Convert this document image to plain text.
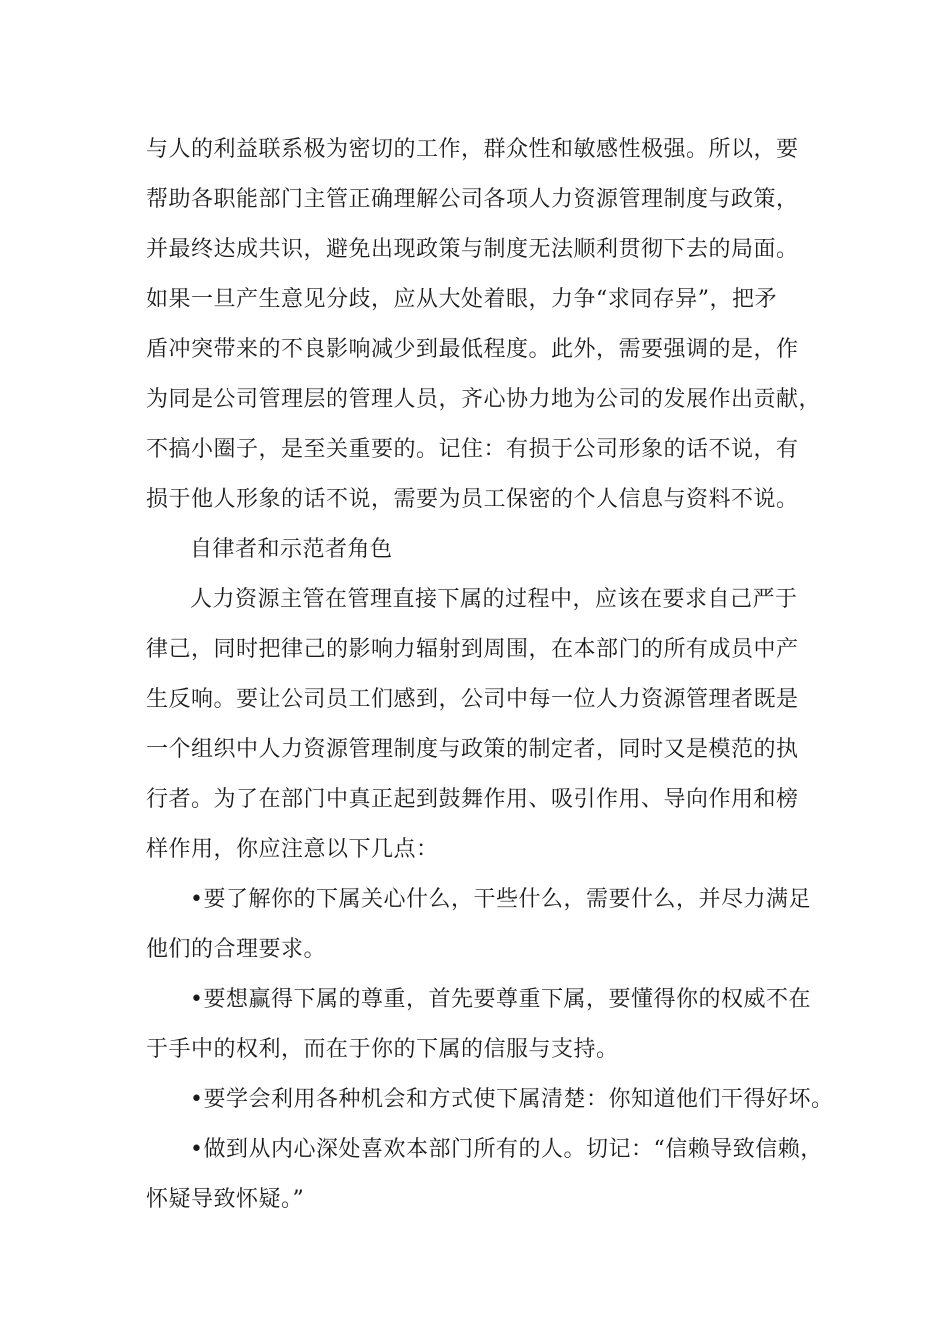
与人的利益联系极为密切的工作，群众性和敏感性极强。所以，要

帮助各职能部门主管正确理解公司各项人力资源管理制度与政策，

并最终达成共识，避免出现政策与制度无法顺利贯彻下去的局面。

如果一旦产生意见分歧，应从大处着眼，力争“求同存异”，把矛

盾冲突带来的不良影响减少到最低程度。此外，需要强调的是，作

为同是公司管理层的管理人员，齐心协力地为公司的发展作出贡献，

不搞小圈子，是至关重要的。记住：有损于公司形象的话不说，有

损于他人形象的话不说，需要为员工保密的个人信息与资料不说。

自律者和示范者角色

人力资源主管在管理直接下属的过程中，应该在要求自己严于

律己，同时把律己的影响力辐射到周围，在本部门的所有成员中产

生反响。要让公司员工们感到，公司中每一位人力资源管理者既是

一个组织中人力资源管理制度与政策的制定者，同时又是模范的执

行者。为了在部门中真正起到鼓舞作用、吸引作用、导向作用和榜

样作用，你应注意以下几点：

•要了解你的下属关心什么，干些什么，需要什么，并尽力满足

他们的合理要求。

•要想赢得下属的尊重，首先要尊重下属，要懂得你的权威不在

于手中的权利，而在于你的下属的信服与支持。

•要学会利用各种机会和方式使下属清楚：你知道他们干得好坏。

•做到从内心深处喜欢本部门所有的人。切记：“信赖导致信赖，

怀疑导致怀疑。”
